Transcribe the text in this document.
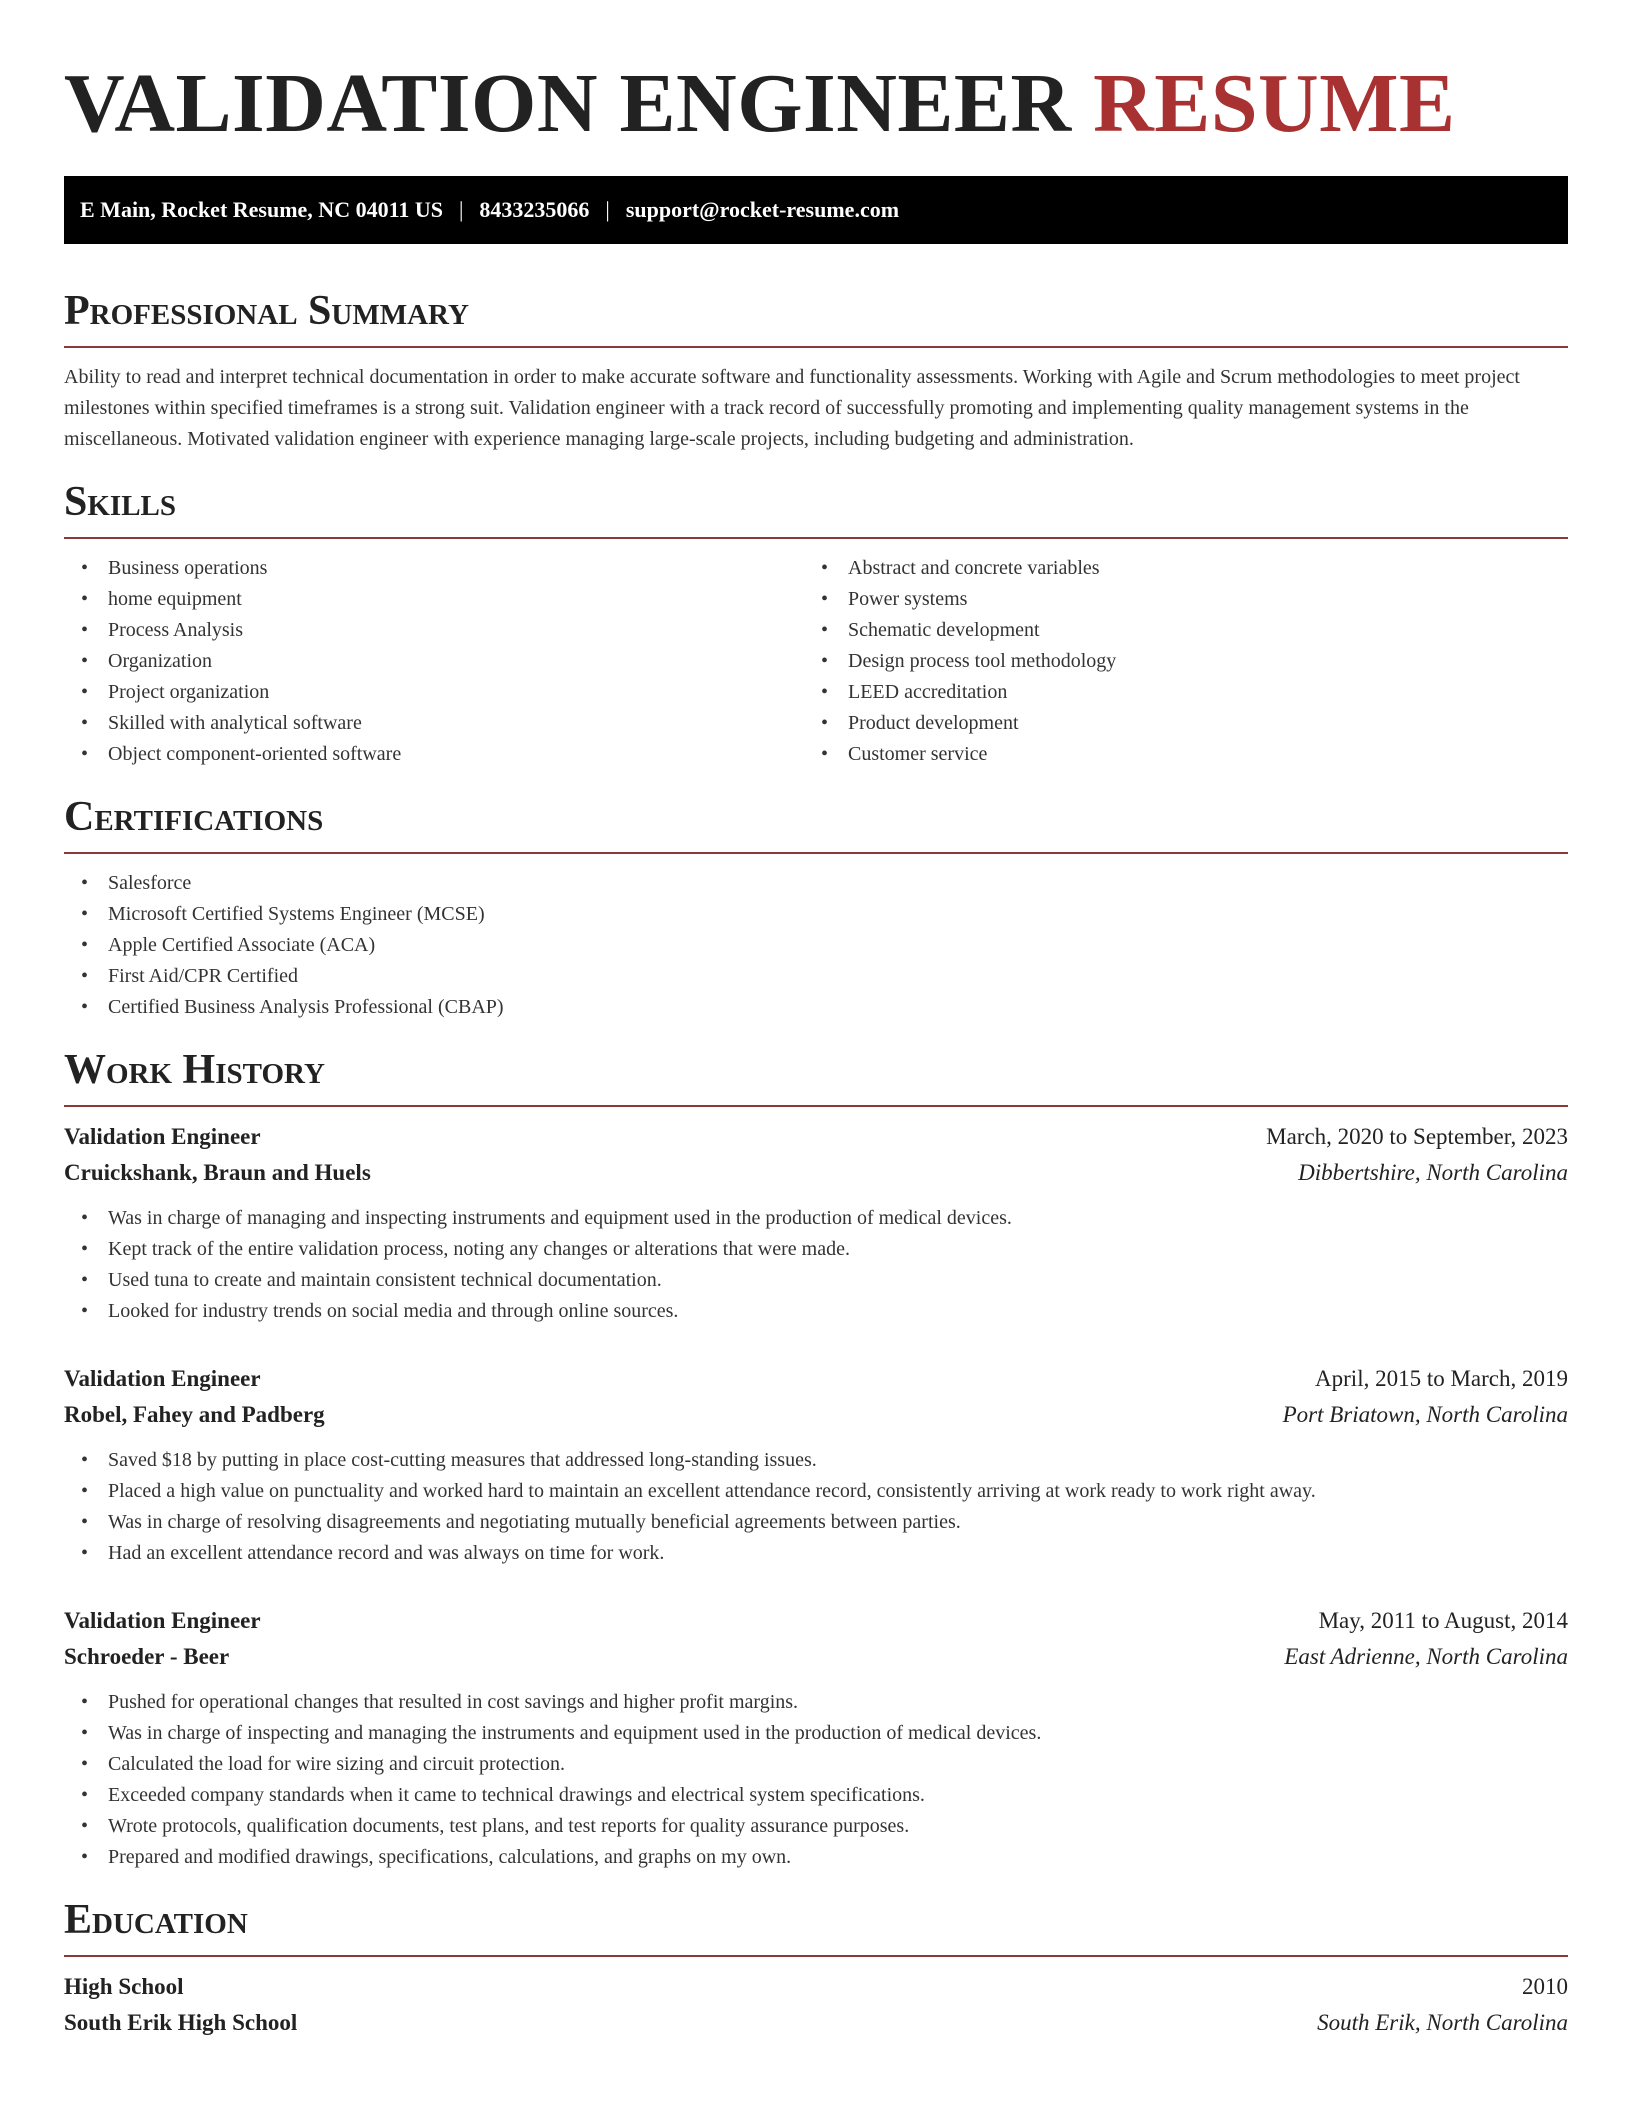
VALIDATION ENGINEER RESUME
E Main, Rocket Resume, NC 04011 US | 8433235066 | support@rocket-resume.com
Professional Summary

Ability to read and interpret technical documentation in order to make accurate software and functionality assessments. Working with Agile and Scrum methodologies to meet project milestones within specified timeframes is a strong suit. Validation engineer with a track record of successfully promoting and implementing quality management systems in the miscellaneous. Motivated validation engineer with experience managing large-scale projects, including budgeting and administration.

Skills
• Business operations
• home equipment
• Process Analysis
• Organization
• Project organization
• Skilled with analytical software
• Object component-oriented software
• Abstract and concrete variables
• Power systems
• Schematic development
• Design process tool methodology
• LEED accreditation
• Product development
• Customer service
Certifications
• Salesforce
• Microsoft Certified Systems Engineer (MCSE)
• Apple Certified Associate (ACA)
• First Aid/CPR Certified
• Certified Business Analysis Professional (CBAP)
Work History
Validation Engineer	March, 2020 to September, 2023
Cruickshank, Braun and Huels	Dibbertshire, North Carolina
• Was in charge of managing and inspecting instruments and equipment used in the production of medical devices.
• Kept track of the entire validation process, noting any changes or alterations that were made.
• Used tuna to create and maintain consistent technical documentation.
• Looked for industry trends on social media and through online sources.
Validation Engineer	April, 2015 to March, 2019
Robel, Fahey and Padberg	Port Briatown, North Carolina
• Saved $18 by putting in place cost-cutting measures that addressed long-standing issues.
• Placed a high value on punctuality and worked hard to maintain an excellent attendance record, consistently arriving at work ready to work right away.
• Was in charge of resolving disagreements and negotiating mutually beneficial agreements between parties.
• Had an excellent attendance record and was always on time for work.
Validation Engineer	May, 2011 to August, 2014
Schroeder - Beer	East Adrienne, North Carolina
• Pushed for operational changes that resulted in cost savings and higher profit margins.
• Was in charge of inspecting and managing the instruments and equipment used in the production of medical devices.
• Calculated the load for wire sizing and circuit protection.
• Exceeded company standards when it came to technical drawings and electrical system specifications.
• Wrote protocols, qualification documents, test plans, and test reports for quality assurance purposes.
• Prepared and modified drawings, specifications, calculations, and graphs on my own.
Education
High School	2010
South Erik High School	South Erik, North Carolina
